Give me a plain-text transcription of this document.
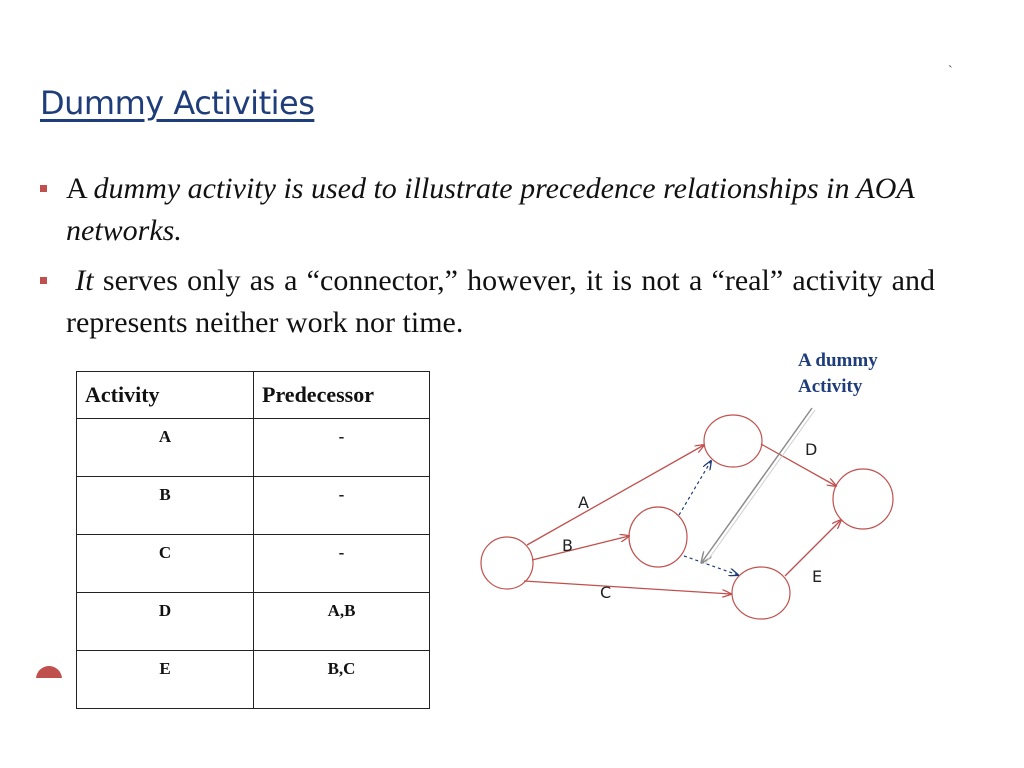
Dummy Activities
`
A dummy activity is used to illustrate precedence relationships in AOA networks.
It serves only as a “connector,” however, it is not a “real” activity and represents neither work nor time.
Activity	Predecessor
A	-
B	-
C	-
D	A,B
E	B,C
A dummy
Activity
A
B
C
D
E
